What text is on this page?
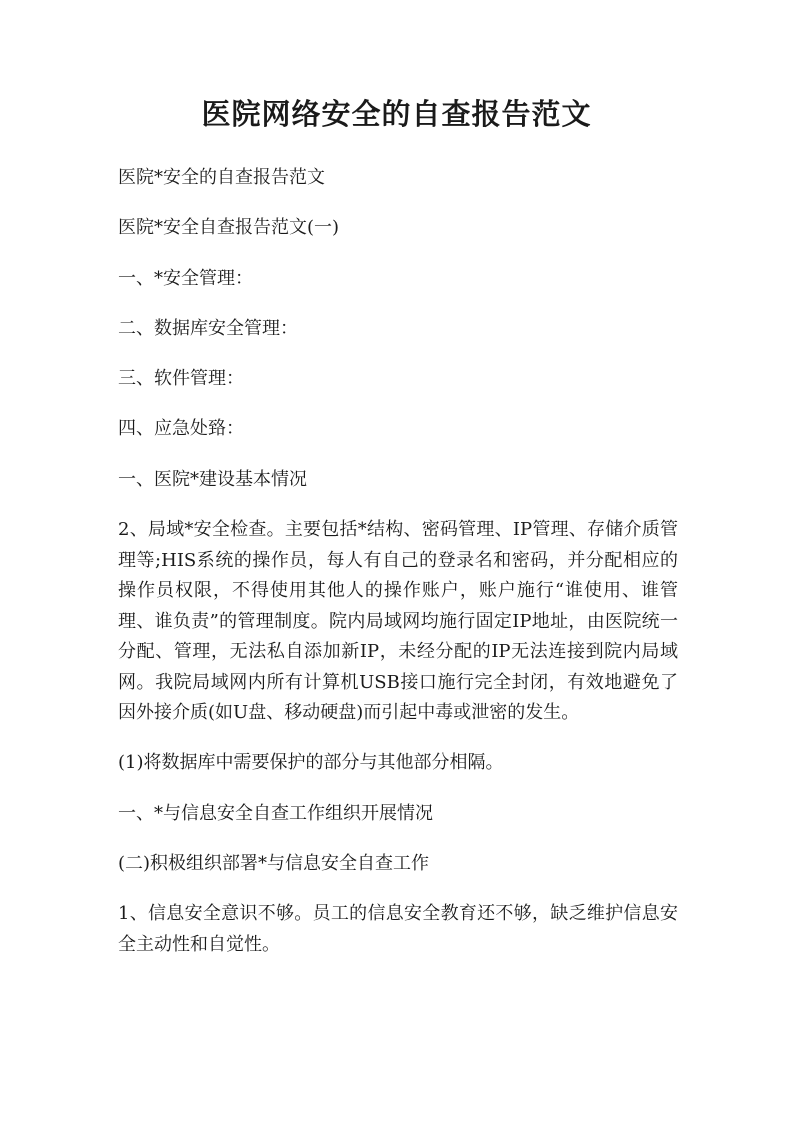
医院网络安全的自查报告范文

医院*安全的自查报告范文

医院*安全自查报告范文(一)

一、*安全管理：

二、数据库安全管理：

三、软件管理：

四、应急处臵：

一、医院*建设基本情况

2、局域*安全检查。主要包括*结构、密码管理、IP管理、存储介质管理等;HIS系统的操作员，每人有自己的登录名和密码，并分配相应的操作员权限，不得使用其他人的操作账户，账户施行“谁使用、谁管理、谁负责”的管理制度。院内局域网均施行固定IP地址，由医院统一分配、管理，无法私自添加新IP，未经分配的IP无法连接到院内局域网。我院局域网内所有计算机USB接口施行完全封闭，有效地避免了因外接介质(如U盘、移动硬盘)而引起中毒或泄密的发生。

(1)将数据库中需要保护的部分与其他部分相隔。

一、*与信息安全自查工作组织开展情况

(二)积极组织部署*与信息安全自查工作

1、信息安全意识不够。员工的信息安全教育还不够，缺乏维护信息安全主动性和自觉性。
